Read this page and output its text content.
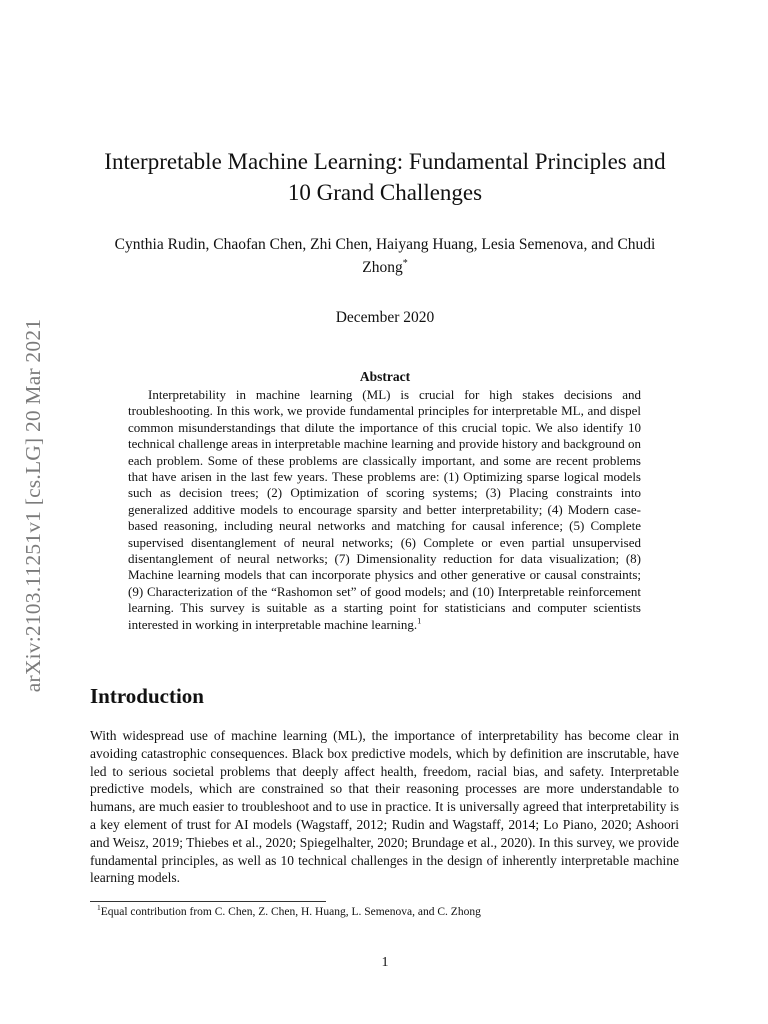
arXiv:2103.11251v1 [cs.LG] 20 Mar 2021
Interpretable Machine Learning: Fundamental Principles and 10 Grand Challenges

Cynthia Rudin, Chaofan Chen, Zhi Chen, Haiyang Huang, Lesia Semenova, and Chudi Zhong*

December 2020

Abstract

Interpretability in machine learning (ML) is crucial for high stakes decisions and troubleshooting. In this work, we provide fundamental principles for interpretable ML, and dispel common misunderstandings that dilute the importance of this crucial topic. We also identify 10 technical challenge areas in interpretable machine learning and provide history and background on each problem. Some of these problems are classically important, and some are recent problems that have arisen in the last few years. These problems are: (1) Optimizing sparse logical models such as decision trees; (2) Optimization of scoring systems; (3) Placing constraints into generalized additive models to encourage sparsity and better interpretability; (4) Modern case-based reasoning, including neural networks and matching for causal inference; (5) Complete supervised disentanglement of neural networks; (6) Complete or even partial unsupervised disentanglement of neural networks; (7) Dimensionality reduction for data visualization; (8) Machine learning models that can incorporate physics and other generative or causal constraints; (9) Characterization of the “Rashomon set” of good models; and (10) Interpretable reinforcement learning. This survey is suitable as a starting point for statisticians and computer scientists interested in working in interpretable machine learning.$^1$

Introduction

With widespread use of machine learning (ML), the importance of interpretability has become clear in avoiding catastrophic consequences. Black box predictive models, which by definition are inscrutable, have led to serious societal problems that deeply affect health, freedom, racial bias, and safety. Interpretable predictive models, which are constrained so that their reasoning processes are more understandable to humans, are much easier to troubleshoot and to use in practice. It is universally agreed that interpretability is a key element of trust for AI models (Wagstaff, 2012; Rudin and Wagstaff, 2014; Lo Piano, 2020; Ashoori and Weisz, 2019; Thiebes et al., 2020; Spiegelhalter, 2020; Brundage et al., 2020). In this survey, we provide fundamental principles, as well as 10 technical challenges in the design of inherently interpretable machine learning models.

$^1$Equal contribution from C. Chen, Z. Chen, H. Huang, L. Semenova, and C. Zhong

1
